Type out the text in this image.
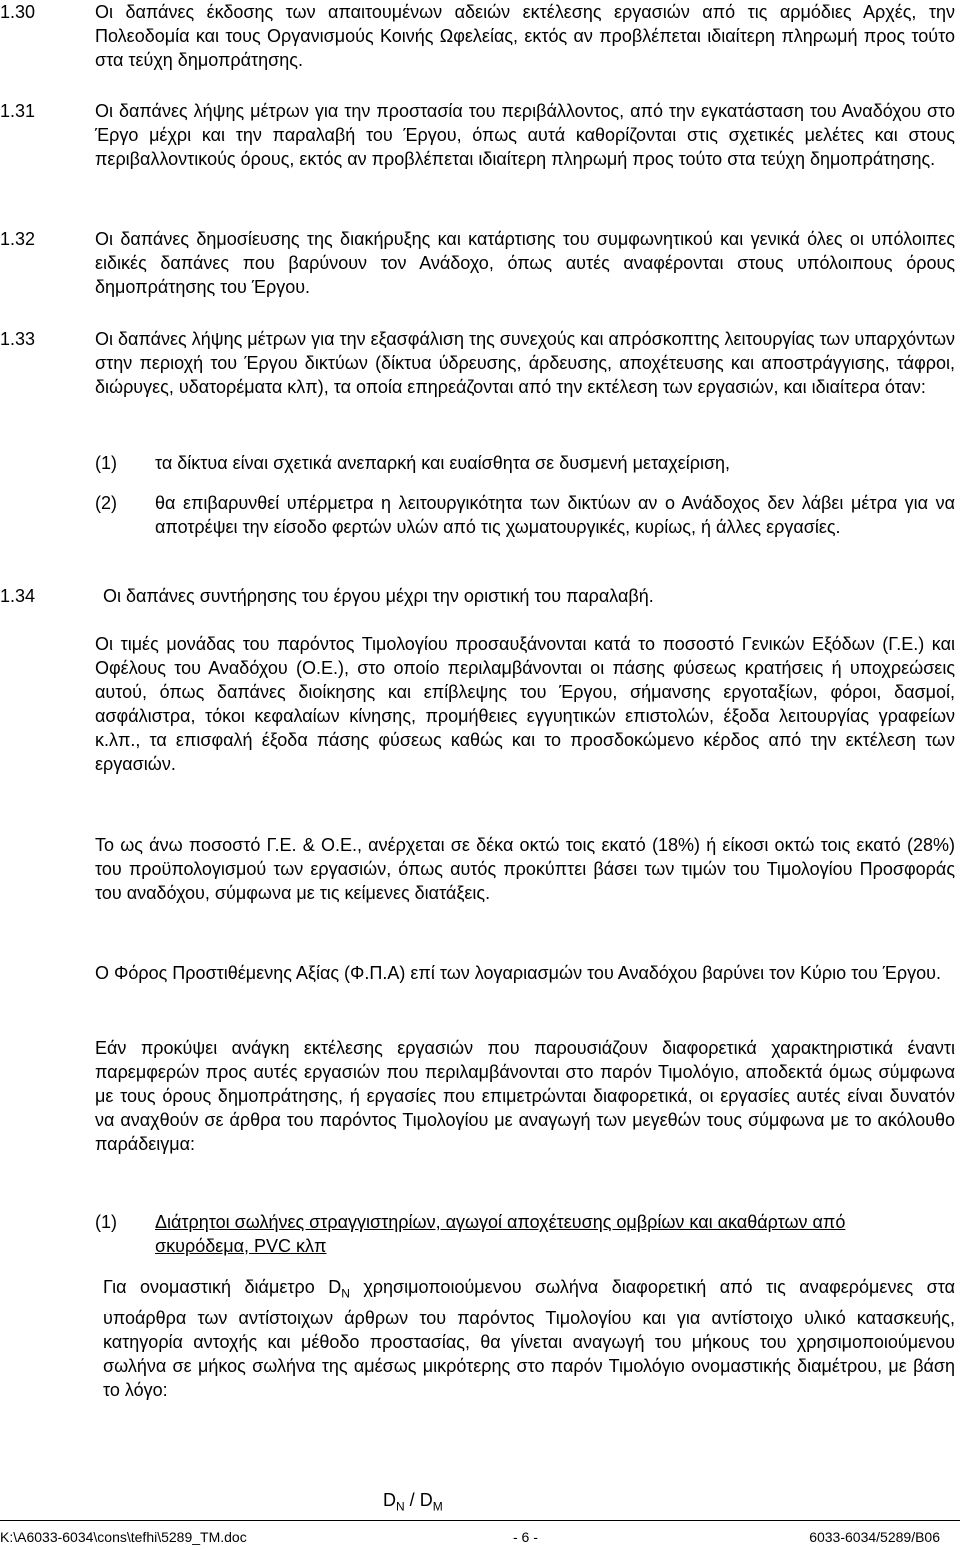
1.30	Οι δαπάνες έκδοσης των απαιτουμένων αδειών εκτέλεσης εργασιών από τις αρμόδιες Αρχές, την Πολεοδομία και τους Οργανισμούς Κοινής Ωφελείας, εκτός αν προβλέπεται ιδιαίτερη πληρωμή προς τούτο στα τεύχη δημοπράτησης.
1.31	Οι δαπάνες λήψης μέτρων για την προστασία του περιβάλλοντος, από την εγκατάσταση του Αναδόχου στο Έργο μέχρι και την παραλαβή του Έργου, όπως αυτά καθορίζονται στις σχετικές μελέτες και στους περιβαλλοντικούς όρους, εκτός αν προβλέπεται ιδιαίτερη πληρωμή προς τούτο στα τεύχη δημοπράτησης.
1.32	Οι δαπάνες δημοσίευσης της διακήρυξης και κατάρτισης του συμφωνητικού και γενικά όλες οι υπόλοιπες ειδικές δαπάνες που βαρύνουν τον Ανάδοχο, όπως αυτές αναφέρονται στους υπόλοιπους όρους δημοπράτησης του Έργου.
1.33	Οι δαπάνες λήψης μέτρων για την εξασφάλιση της συνεχούς και απρόσκοπτης λειτουργίας των υπαρχόντων στην περιοχή του Έργου δικτύων (δίκτυα ύδρευσης, άρδευσης, αποχέτευσης και αποστράγγισης, τάφροι, διώρυγες, υδατορέματα κλπ), τα οποία επηρεάζονται από την εκτέλεση των εργασιών, και ιδιαίτερα όταν:
(1) τα δίκτυα είναι σχετικά ανεπαρκή και ευαίσθητα σε δυσμενή μεταχείριση,
(2) θα επιβαρυνθεί υπέρμετρα η λειτουργικότητα των δικτύων αν ο Ανάδοχος δεν λάβει μέτρα για να αποτρέψει την είσοδο φερτών υλών από τις χωματουργικές, κυρίως, ή άλλες εργασίες.
1.34	Οι δαπάνες συντήρησης του έργου μέχρι την οριστική του παραλαβή.
Οι τιμές μονάδας του παρόντος Τιμολογίου προσαυξάνονται κατά το ποσοστό Γενικών Εξόδων (Γ.Ε.) και Οφέλους του Αναδόχου (Ο.Ε.), στο οποίο περιλαμβάνονται οι πάσης φύσεως κρατήσεις ή υποχρεώσεις αυτού, όπως δαπάνες διοίκησης και επίβλεψης του Έργου, σήμανσης εργοταξίων, φόροι, δασμοί, ασφάλιστρα, τόκοι κεφαλαίων κίνησης, προμήθειες εγγυητικών επιστολών, έξοδα λειτουργίας γραφείων κ.λπ., τα επισφαλή έξοδα πάσης φύσεως καθώς και το προσδοκώμενο κέρδος από την εκτέλεση των εργασιών.
Το ως άνω ποσοστό Γ.Ε. & Ο.Ε., ανέρχεται σε δέκα οκτώ τοις εκατό (18%) ή είκοσι οκτώ τοις εκατό (28%) του προϋπολογισμού των εργασιών, όπως αυτός προκύπτει βάσει των τιμών του Τιμολογίου Προσφοράς του αναδόχου, σύμφωνα με τις κείμενες διατάξεις.
Ο Φόρος Προστιθέμενης Αξίας (Φ.Π.Α) επί των λογαριασμών του Αναδόχου βαρύνει τον Κύριο του Έργου.
Εάν προκύψει ανάγκη εκτέλεσης εργασιών που παρουσιάζουν διαφορετικά χαρακτηριστικά έναντι παρεμφερών προς αυτές εργασιών που περιλαμβάνονται στο παρόν Τιμολόγιο, αποδεκτά όμως σύμφωνα με τους όρους δημοπράτησης, ή εργασίες που επιμετρώνται διαφορετικά, οι εργασίες αυτές είναι δυνατόν να αναχθούν σε άρθρα του παρόντος Τιμολογίου με αναγωγή των μεγεθών τους σύμφωνα με το ακόλουθο παράδειγμα:
(1) Διάτρητοι σωλήνες στραγγιστηρίων, αγωγοί αποχέτευσης ομβρίων και ακαθάρτων από σκυρόδεμα, PVC κλπ
Για ονομαστική διάμετρο $D_N$ χρησιμοποιούμενου σωλήνα διαφορετική από τις αναφερόμενες στα υποάρθρα των αντίστοιχων άρθρων του παρόντος Τιμολογίου και για αντίστοιχο υλικό κατασκευής, κατηγορία αντοχής και μέθοδο προστασίας, θα γίνεται αναγωγή του μήκους του χρησιμοποιούμενου σωλήνα σε μήκος σωλήνα της αμέσως μικρότερης στο παρόν Τιμολόγιο ονομαστικής διαμέτρου, με βάση το λόγο:
$D_N / D_M$
K:\A6033-6034\cons\tefhi\5289_TM.doc	- 6 -	6033-6034/5289/B06
